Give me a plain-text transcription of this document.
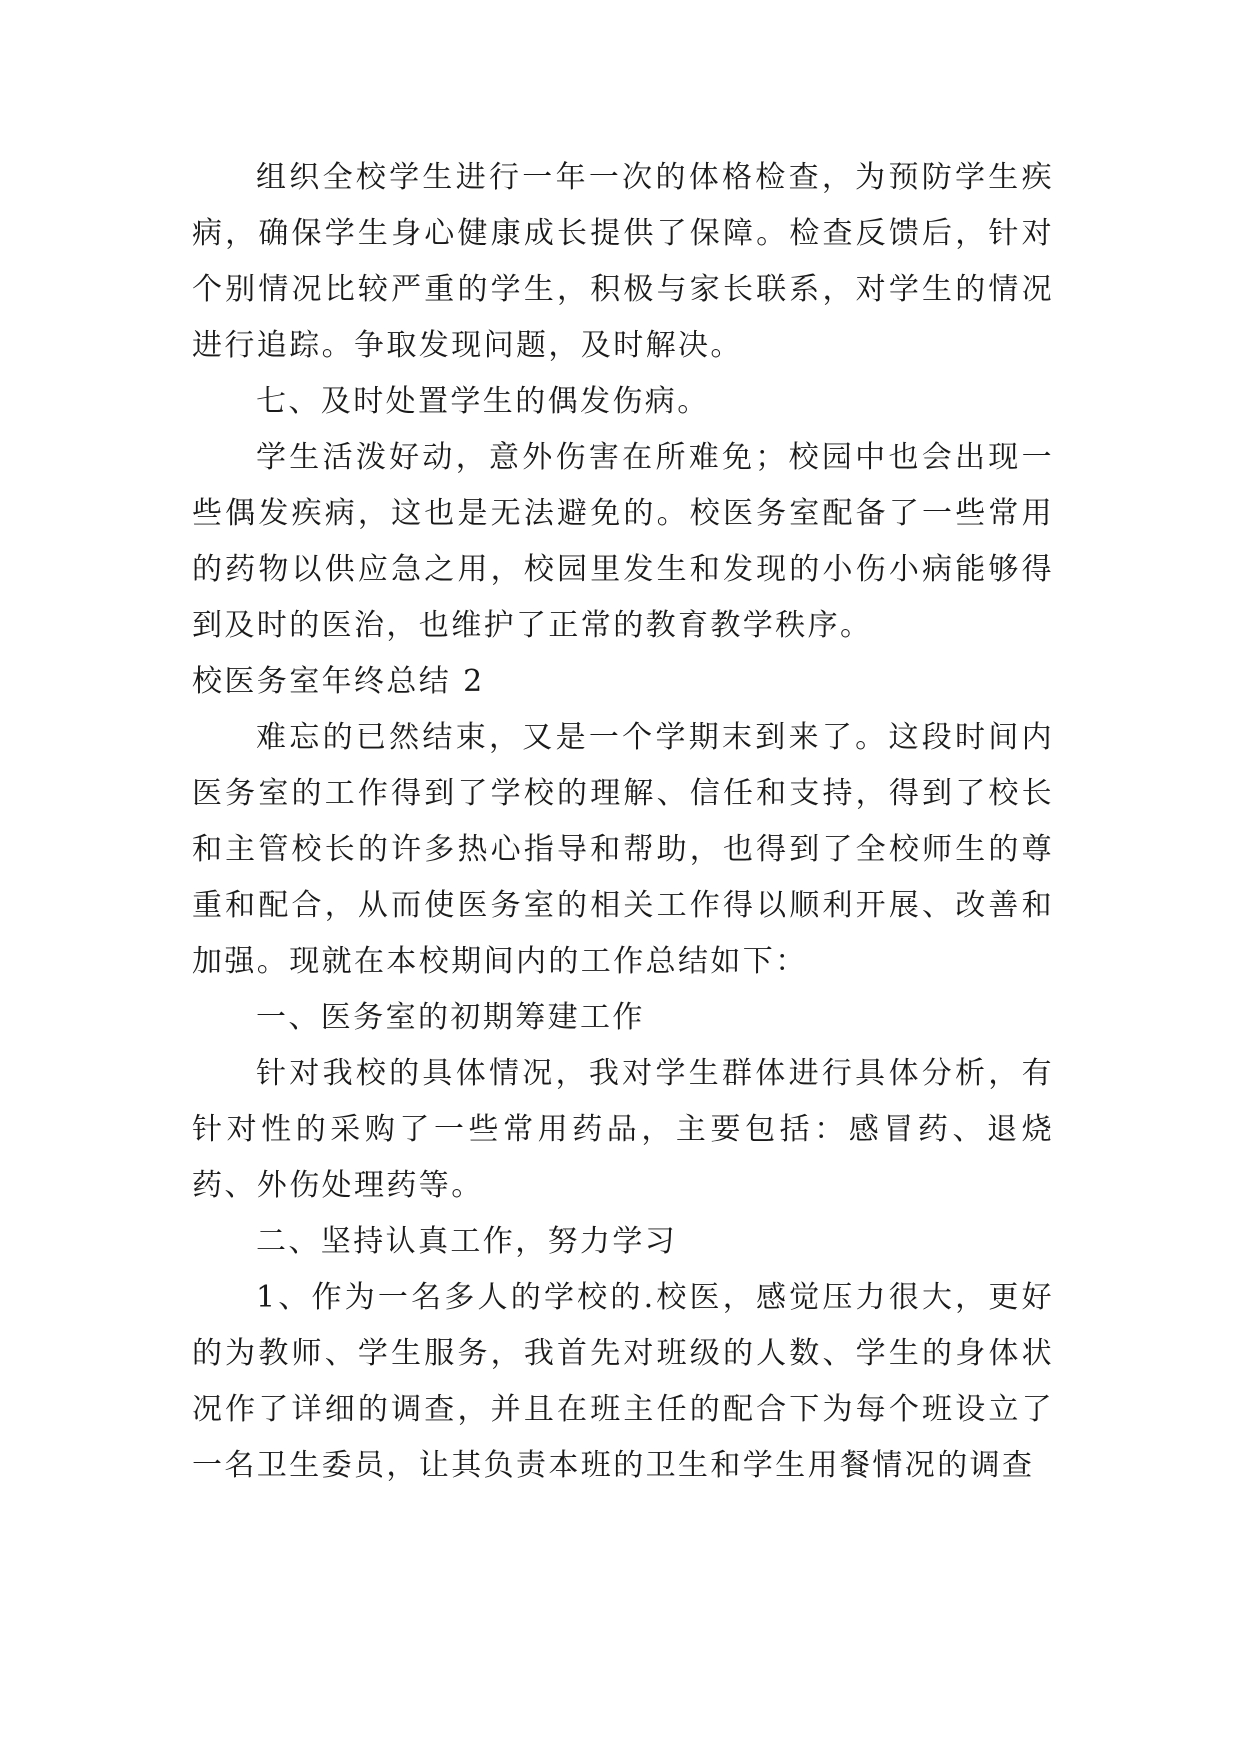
组织全校学生进行一年一次的体格检查，为预防学生疾病，确保学生身心健康成长提供了保障。检查反馈后，针对个别情况比较严重的学生，积极与家长联系，对学生的情况进行追踪。争取发现问题，及时解决。

七、及时处置学生的偶发伤病。

学生活泼好动，意外伤害在所难免；校园中也会出现一些偶发疾病，这也是无法避免的。校医务室配备了一些常用的药物以供应急之用，校园里发生和发现的小伤小病能够得到及时的医治，也维护了正常的教育教学秩序。

校医务室年终总结 2

难忘的已然结束，又是一个学期末到来了。这段时间内医务室的工作得到了学校的理解、信任和支持，得到了校长和主管校长的许多热心指导和帮助，也得到了全校师生的尊重和配合，从而使医务室的相关工作得以顺利开展、改善和加强。现就在本校期间内的工作总结如下：

一、医务室的初期筹建工作

针对我校的具体情况，我对学生群体进行具体分析，有针对性的采购了一些常用药品，主要包括：感冒药、退烧药、外伤处理药等。

二、坚持认真工作，努力学习

1、作为一名多人的学校的.校医，感觉压力很大，更好的为教师、学生服务，我首先对班级的人数、学生的身体状况作了详细的调查，并且在班主任的配合下为每个班设立了一名卫生委员，让其负责本班的卫生和学生用餐情况的调查
